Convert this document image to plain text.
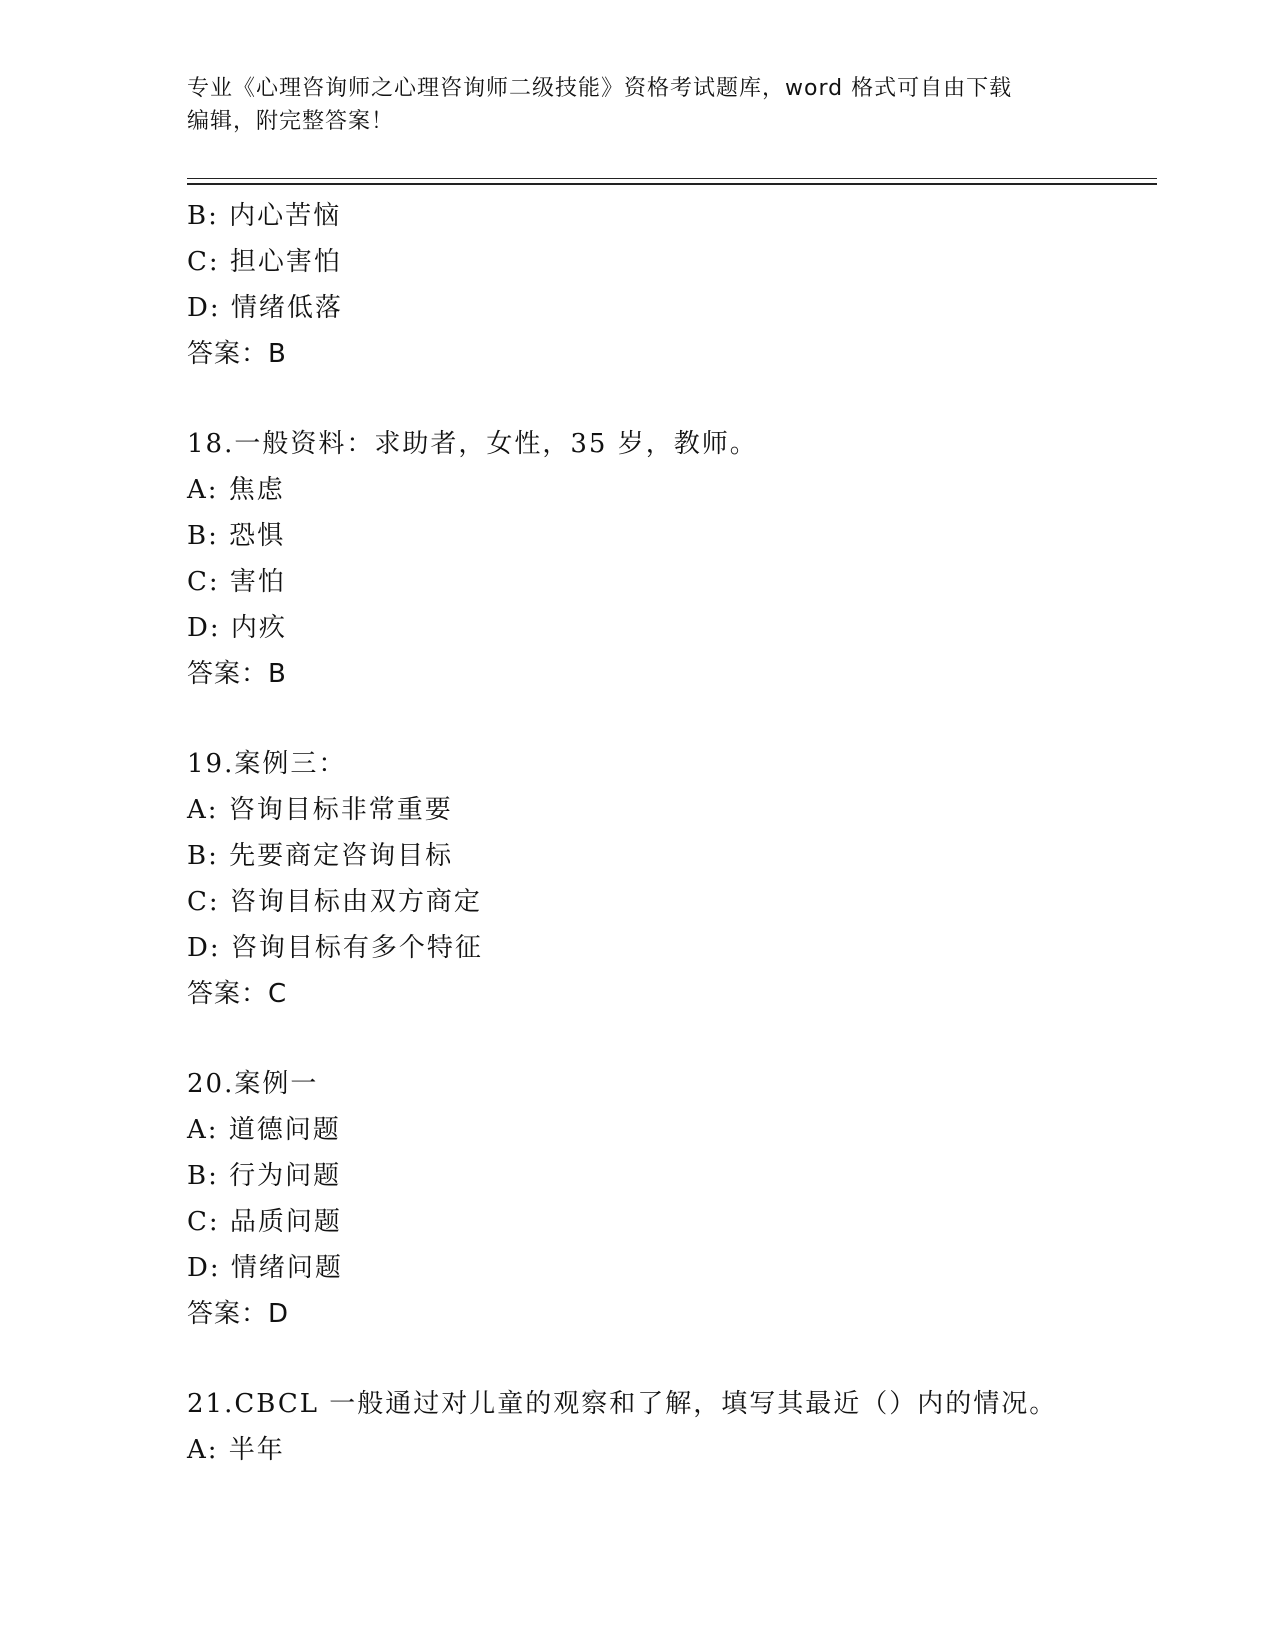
专业《心理咨询师之心理咨询师二级技能》资格考试题库，word 格式可自由下载
编辑，附完整答案！
B: 内心苦恼
C: 担心害怕
D: 情绪低落
答案：B
18.一般资料：求助者，女性，35 岁，教师。
A: 焦虑
B: 恐惧
C: 害怕
D: 内疚
答案：B
19.案例三：
A: 咨询目标非常重要
B: 先要商定咨询目标
C: 咨询目标由双方商定
D: 咨询目标有多个特征
答案：C
20.案例一
A: 道德问题
B: 行为问题
C: 品质问题
D: 情绪问题
答案：D
21.CBCL 一般通过对儿童的观察和了解，填写其最近（）内的情况。
A: 半年
